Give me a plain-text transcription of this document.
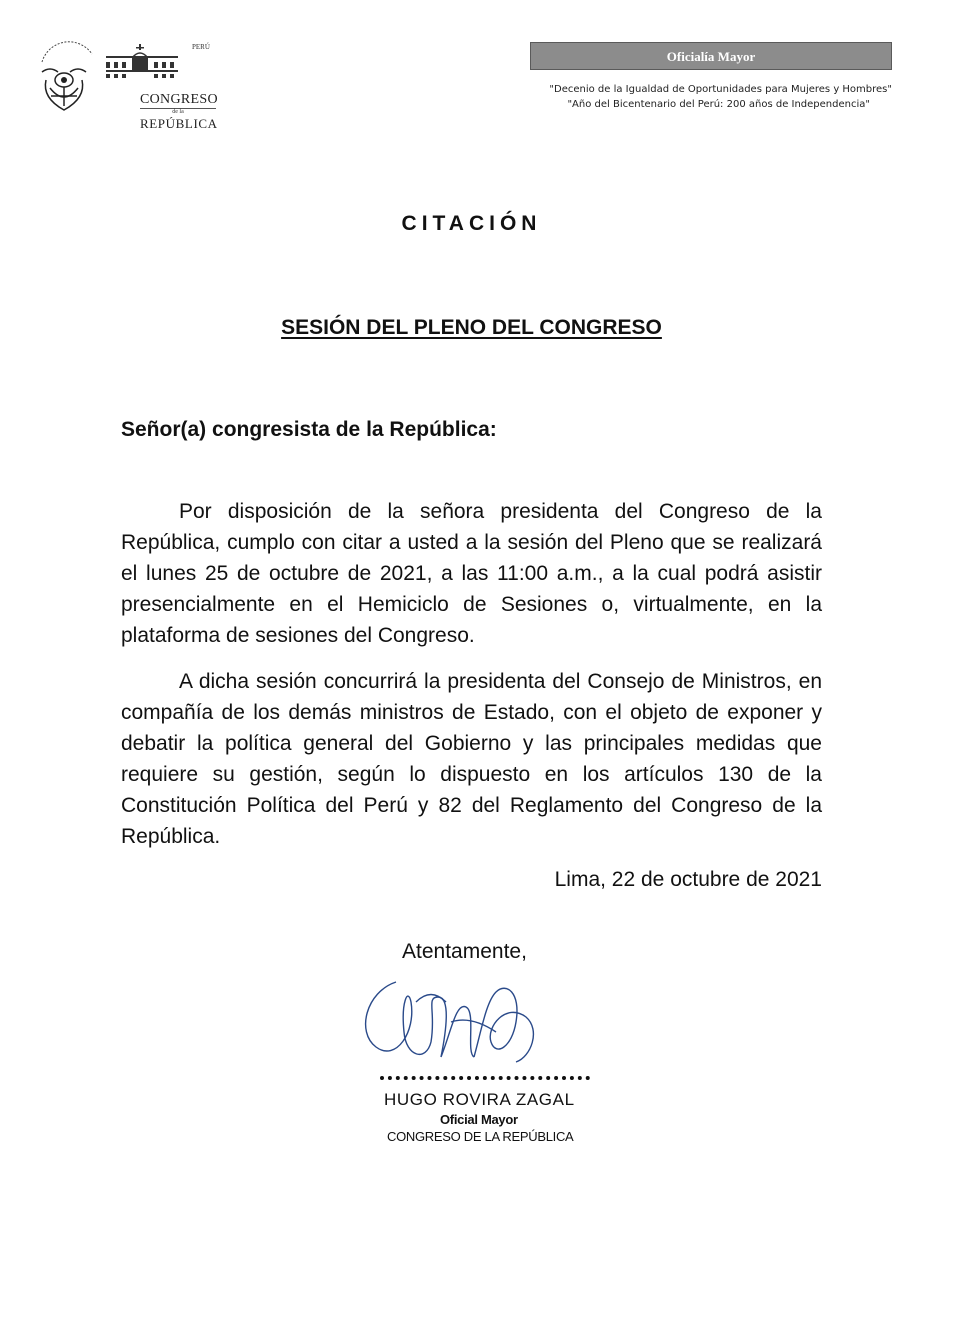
PERÚ
CONGRESO
de la
REPÚBLICA
Oficialía Mayor
"Decenio de la Igualdad de Oportunidades para Mujeres y Hombres"
"Año del Bicentenario del Perú: 200 años de Independencia"
CITACIÓN
SESIÓN DEL PLENO DEL CONGRESO
Señor(a) congresista de la República:
Por disposición de la señora presidenta del Congreso de la República, cumplo con citar a usted a la sesión del Pleno que se realizará el lunes 25 de octubre de 2021, a las 11:00 a.m., a la cual podrá asistir presencialmente en el Hemiciclo de Sesiones o, virtualmente, en la plataforma de sesiones del Congreso.
A dicha sesión concurrirá la presidenta del Consejo de Ministros, en compañía de los demás ministros de Estado, con el objeto de exponer y debatir la política general del Gobierno y las principales medidas que requiere su gestión, según lo dispuesto en los artículos 130 de la Constitución Política del Perú y 82 del Reglamento del Congreso de la República.
Lima, 22 de octubre de 2021
Atentamente,
HUGO ROVIRA ZAGAL
Oficial Mayor
CONGRESO DE LA REPÚBLICA
